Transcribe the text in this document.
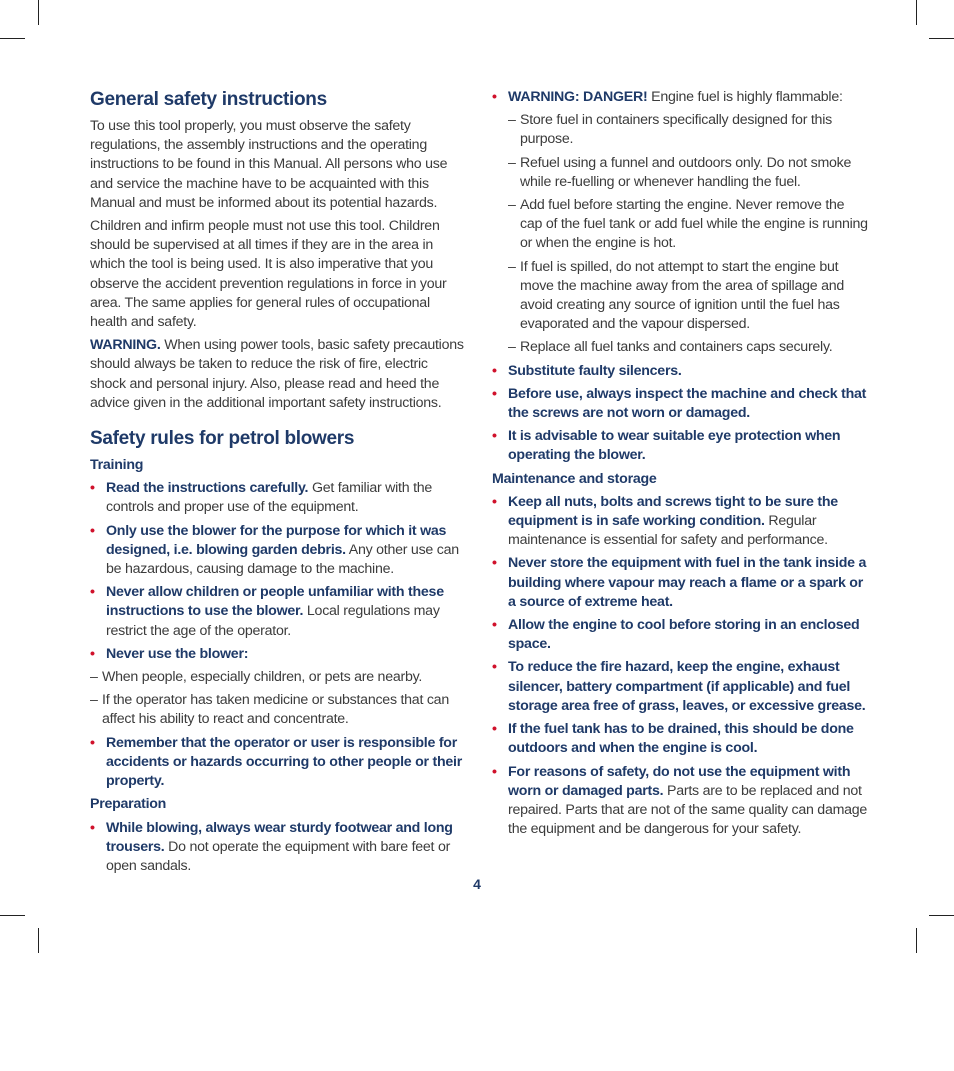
General safety instructions

To use this tool properly, you must observe the safety regulations, the assembly instructions and the operating instructions to be found in this Manual. All persons who use and service the machine have to be acquainted with this Manual and must be informed about its potential hazards.

Children and infirm people must not use this tool. Children should be supervised at all times if they are in the area in which the tool is being used. It is also imperative that you observe the accident prevention regulations in force in your area. The same applies for general rules of occupational health and safety.

WARNING. When using power tools, basic safety precautions should always be taken to reduce the risk of fire, electric shock and personal injury. Also, please read and heed the advice given in the additional important safety instructions.

Safety rules for petrol blowers
Training
• Read the instructions carefully. Get familiar with the controls and proper use of the equipment.
• Only use the blower for the purpose for which it was designed, i.e. blowing garden debris. Any other use can be hazardous, causing damage to the machine.
• Never allow children or people unfamiliar with these instructions to use the blower. Local regulations may restrict the age of the operator.
• Never use the blower:
– When people, especially children, or pets are nearby.
– If the operator has taken medicine or substances that can affect his ability to react and concentrate.
• Remember that the operator or user is responsible for accidents or hazards occurring to other people or their property.
Preparation
• While blowing, always wear sturdy footwear and long trousers. Do not operate the equipment with bare feet or open sandals.
• WARNING: DANGER! Engine fuel is highly flammable:
– Store fuel in containers specifically designed for this purpose.
– Refuel using a funnel and outdoors only. Do not smoke while re-fuelling or whenever handling the fuel.
– Add fuel before starting the engine. Never remove the cap of the fuel tank or add fuel while the engine is running or when the engine is hot.
– If fuel is spilled, do not attempt to start the engine but move the machine away from the area of spillage and avoid creating any source of ignition until the fuel has evaporated and the vapour dispersed.
– Replace all fuel tanks and containers caps securely.
• Substitute faulty silencers.
• Before use, always inspect the machine and check that the screws are not worn or damaged.
• It is advisable to wear suitable eye protection when operating the blower.
Maintenance and storage
• Keep all nuts, bolts and screws tight to be sure the equipment is in safe working condition. Regular maintenance is essential for safety and performance.
• Never store the equipment with fuel in the tank inside a building where vapour may reach a flame or a spark or a source of extreme heat.
• Allow the engine to cool before storing in an enclosed space.
• To reduce the fire hazard, keep the engine, exhaust silencer, battery compartment (if applicable) and fuel storage area free of grass, leaves, or excessive grease.
• If the fuel tank has to be drained, this should be done outdoors and when the engine is cool.
• For reasons of safety, do not use the equipment with worn or damaged parts. Parts are to be replaced and not repaired. Parts that are not of the same quality can damage the equipment and be dangerous for your safety.
4
